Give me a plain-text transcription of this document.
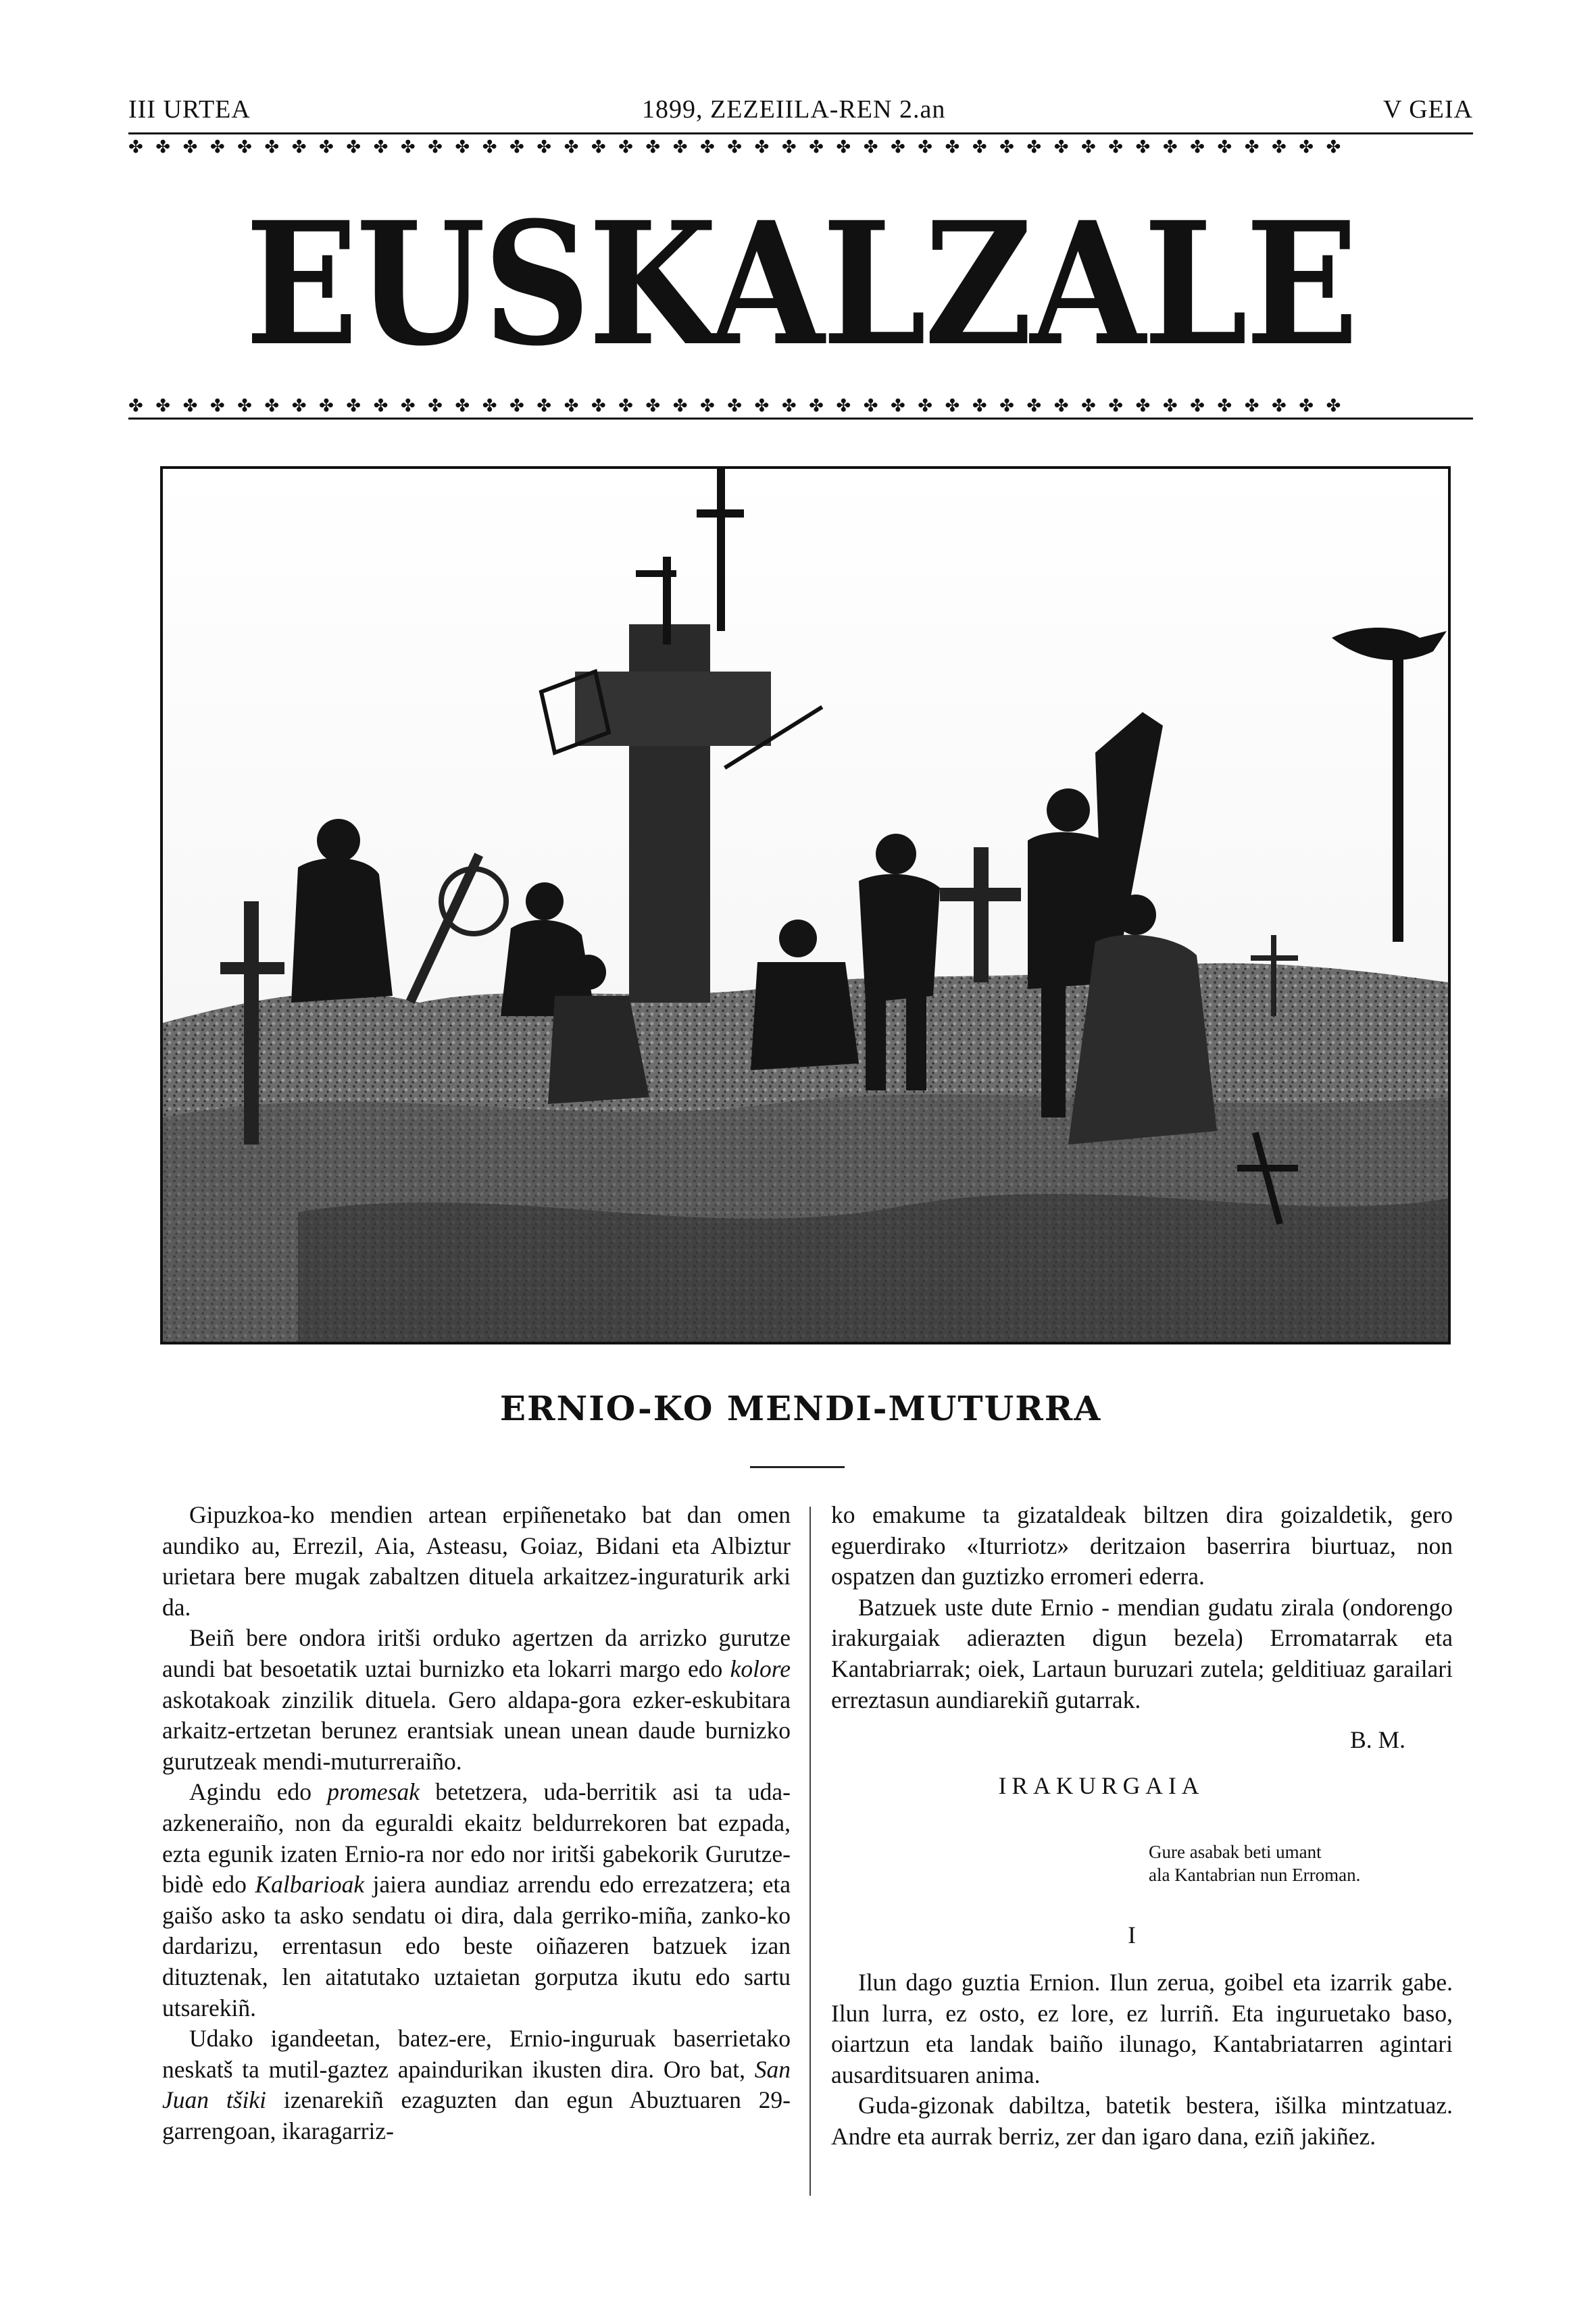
III URTEA	1899, ZEZEIILA-REN 2.an	V GEIA
✤ ✤ ✤ ✤ ✤ ✤ ✤ ✤ ✤ ✤ ✤ ✤ ✤ ✤ ✤ ✤ ✤ ✤ ✤ ✤ ✤ ✤ ✤ ✤ ✤ ✤ ✤ ✤ ✤ ✤ ✤ ✤ ✤ ✤ ✤ ✤ ✤ ✤ ✤ ✤ ✤ ✤ ✤ ✤ ✤
EUSKALZALE
✤ ✤ ✤ ✤ ✤ ✤ ✤ ✤ ✤ ✤ ✤ ✤ ✤ ✤ ✤ ✤ ✤ ✤ ✤ ✤ ✤ ✤ ✤ ✤ ✤ ✤ ✤ ✤ ✤ ✤ ✤ ✤ ✤ ✤ ✤ ✤ ✤ ✤ ✤ ✤ ✤ ✤ ✤ ✤ ✤
ERNIO-KO MENDI-MUTURRA

Gipuzkoa-ko mendien artean erpiñenetako bat dan omen aundiko au, Errezil, Aia, Asteasu, Goiaz, Bidani eta Albiztur urietara bere mugak zabaltzen dituela arkaitzez-inguraturik arki da.

Beiñ bere ondora iritši orduko agertzen da arrizko gurutze aundi bat besoetatik uztai burnizko eta lokarri margo edo kolore askotakoak zinzilik dituela. Gero aldapa-gora ezker-eskubitara arkaitz-ertzetan berunez erantsiak unean unean daude burnizko gurutzeak mendi-muturreraiño.

Agindu edo promesak betetzera, uda-berritik asi ta uda-azkeneraiño, non da eguraldi ekaitz beldurrekoren bat ezpada, ezta egunik izaten Ernio-ra nor edo nor iritši gabekorik Gurutze-bidè edo Kalbarioak jaiera aundiaz arrendu edo errezatzera; eta gaišo asko ta asko sendatu oi dira, dala gerriko-miña, zanko-ko dardarizu, errentasun edo beste oiñazeren batzuek izan dituztenak, len aitatutako uztaietan gorputza ikutu edo sartu utsarekiñ.

Udako igandeetan, batez-ere, Ernio-inguruak baserrietako neskatš ta mutil-gaztez apaindurikan ikusten dira. Oro bat, San Juan tšiki izenarekiñ ezaguzten dan egun Abuztuaren 29-garrengoan, ikaragarriz-

ko emakume ta gizataldeak biltzen dira goizaldetik, gero eguerdirako «Iturriotz» deritzaion baserrira biurtuaz, non ospatzen dan guztizko erromeri ederra.

Batzuek uste dute Ernio - mendian gudatu zirala (ondorengo irakurgaiak adierazten digun bezela) Erromatarrak eta Kantabriarrak; oiek, Lartaun buruzari zutela; gelditiuaz garailari erreztasun aundiarekiñ gutarrak.

B. M.

IRAKURGAIA

Gure asabak beti umant
ala Kantabrian nun Erroman.

I

Ilun dago guztia Ernion. Ilun zerua, goibel eta izarrik gabe. Ilun lurra, ez osto, ez lore, ez lurriñ. Eta inguruetako baso, oiartzun eta landak baiño ilunago, Kantabriatarren agintari ausarditsuaren anima.

Guda-gizonak dabiltza, batetik bestera, išilka mintzatuaz. Andre eta aurrak berriz, zer dan igaro dana, eziñ jakiñez.
